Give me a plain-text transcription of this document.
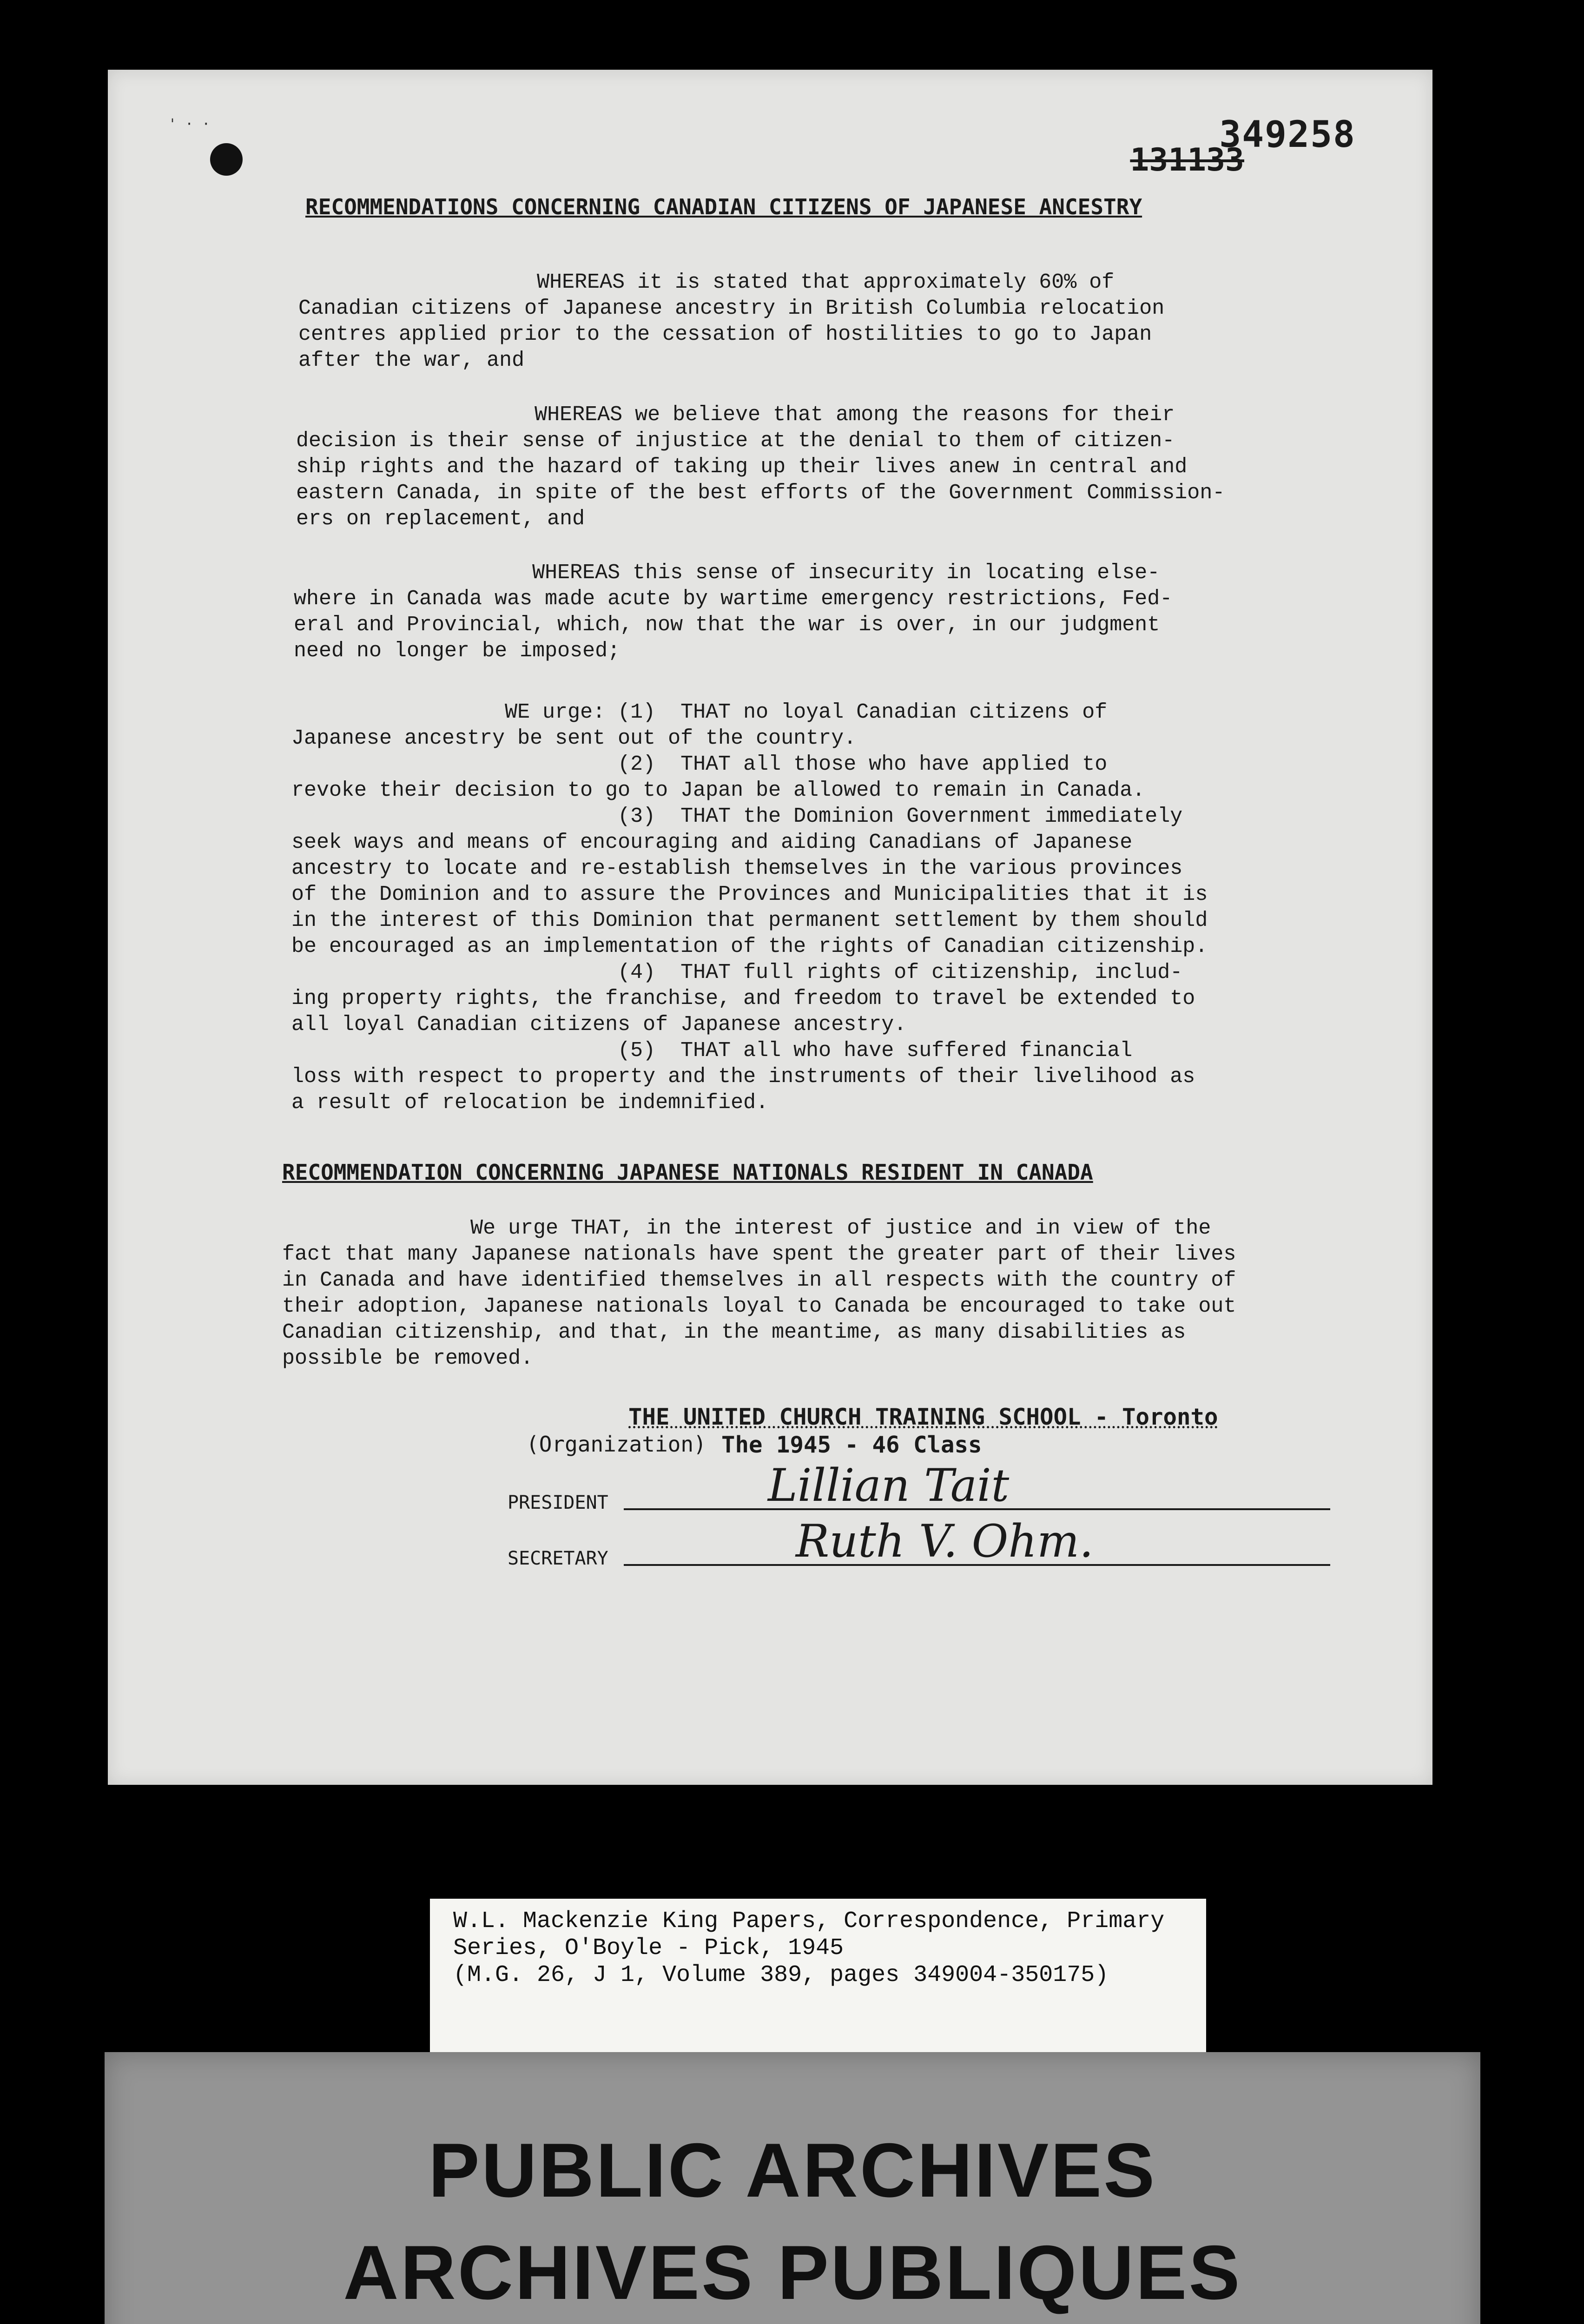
' · ·
131133
349258
RECOMMENDATIONS CONCERNING CANADIAN CITIZENS OF JAPANESE ANCESTRY
WHEREAS it is stated that approximately 60% of
Canadian citizens of Japanese ancestry in British Columbia relocation
centres applied prior to the cessation of hostilities to go to Japan
after the war, and
WHEREAS we believe that among the reasons for their
decision is their sense of injustice at the denial to them of citizen-
ship rights and the hazard of taking up their lives anew in central and
eastern Canada, in spite of the best efforts of the Government Commission-
ers on replacement, and
WHEREAS this sense of insecurity in locating else-
where in Canada was made acute by wartime emergency restrictions, Fed-
eral and Provincial, which, now that the war is over, in our judgment
need no longer be imposed;
WE urge: (1)  THAT no loyal Canadian citizens of
Japanese ancestry be sent out of the country.
(2)  THAT all those who have applied to
revoke their decision to go to Japan be allowed to remain in Canada.
(3)  THAT the Dominion Government immediately
seek ways and means of encouraging and aiding Canadians of Japanese
ancestry to locate and re-establish themselves in the various provinces
of the Dominion and to assure the Provinces and Municipalities that it is
in the interest of this Dominion that permanent settlement by them should
be encouraged as an implementation of the rights of Canadian citizenship.
(4)  THAT full rights of citizenship, includ-
ing property rights, the franchise, and freedom to travel be extended to
all loyal Canadian citizens of Japanese ancestry.
(5)  THAT all who have suffered financial
loss with respect to property and the instruments of their livelihood as
a result of relocation be indemnified.
RECOMMENDATION CONCERNING JAPANESE NATIONALS RESIDENT IN CANADA
We urge THAT, in the interest of justice and in view of the
fact that many Japanese nationals have spent the greater part of their lives
in Canada and have identified themselves in all respects with the country of
their adoption, Japanese nationals loyal to Canada be encouraged to take out
Canadian citizenship, and that, in the meantime, as many disabilities as
possible be removed.
THE UNITED CHURCH TRAINING SCHOOL - Toronto
(Organization) The 1945 - 46 Class
PRESIDENT	Lillian Tait
SECRETARY	Ruth V. Ohm.
W.L. Mackenzie King Papers, Correspondence, Primary
Series, O'Boyle - Pick, 1945
(M.G. 26, J 1, Volume 389, pages 349004-350175)
PUBLIC ARCHIVES
ARCHIVES PUBLIQUES
